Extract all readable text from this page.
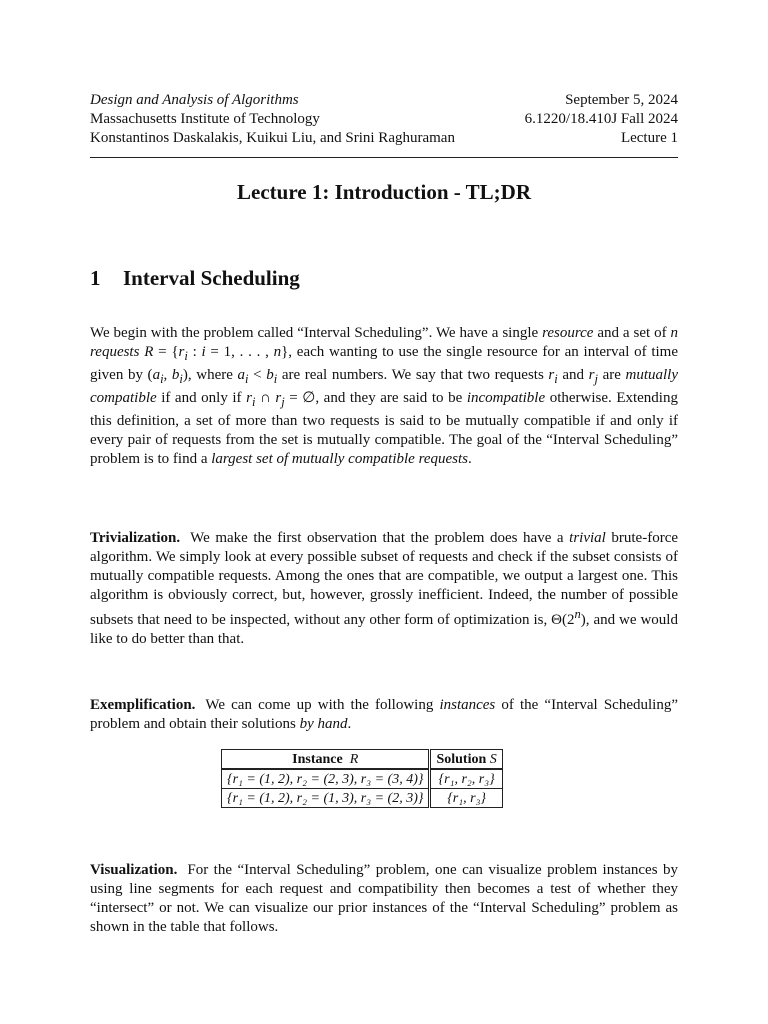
Design and Analysis of Algorithms	September 5, 2024
Massachusetts Institute of Technology	6.1220/18.410J Fall 2024
Konstantinos Daskalakis, Kuikui Liu, and Srini Raghuraman	Lecture 1
Lecture 1: Introduction - TL;DR
1 Interval Scheduling
We begin with the problem called “Interval Scheduling”. We have a single resource and a set of n requests $R = \{r_i$ : i = 1, . . . , n}, each wanting to use the single resource for an interval of time given by ($a_i$, $b_i$), where $a_i < b_i$ are real numbers. We say that two requests $r_i$ and $r_j$ are mutually compatible if and only if $r_i$ ∩ $r_j$ = ∅, and they are said to be incompatible otherwise. Extending this definition, a set of more than two requests is said to be mutually compatible if and only if every pair of requests from the set is mutually compatible. The goal of the “Interval Scheduling” problem is to find a largest set of mutually compatible requests.
Trivialization. We make the first observation that the problem does have a trivial brute-force algorithm. We simply look at every possible subset of requests and check if the subset consists of mutually compatible requests. Among the ones that are compatible, we output a largest one. This algorithm is obviously correct, but, however, grossly inefficient. Indeed, the number of possible subsets that need to be inspected, without any other form of optimization is, Θ(2$^n$), and we would like to do better than that.
Exemplification. We can come up with the following instances of the “Interval Scheduling” problem and obtain their solutions by hand.
Instance R	Solution S
{r₁ = (1, 2), r₂ = (2, 3), r₃ = (3, 4)}	{r₁, r₂, r₃}
{r₁ = (1, 2), r₂ = (1, 3), r₃ = (2, 3)}	{r₁, r₃}
Visualization. For the “Interval Scheduling” problem, one can visualize problem instances by using line segments for each request and compatibility then becomes a test of whether they “intersect” or not. We can visualize our prior instances of the “Interval Scheduling” problem as shown in the table that follows.
